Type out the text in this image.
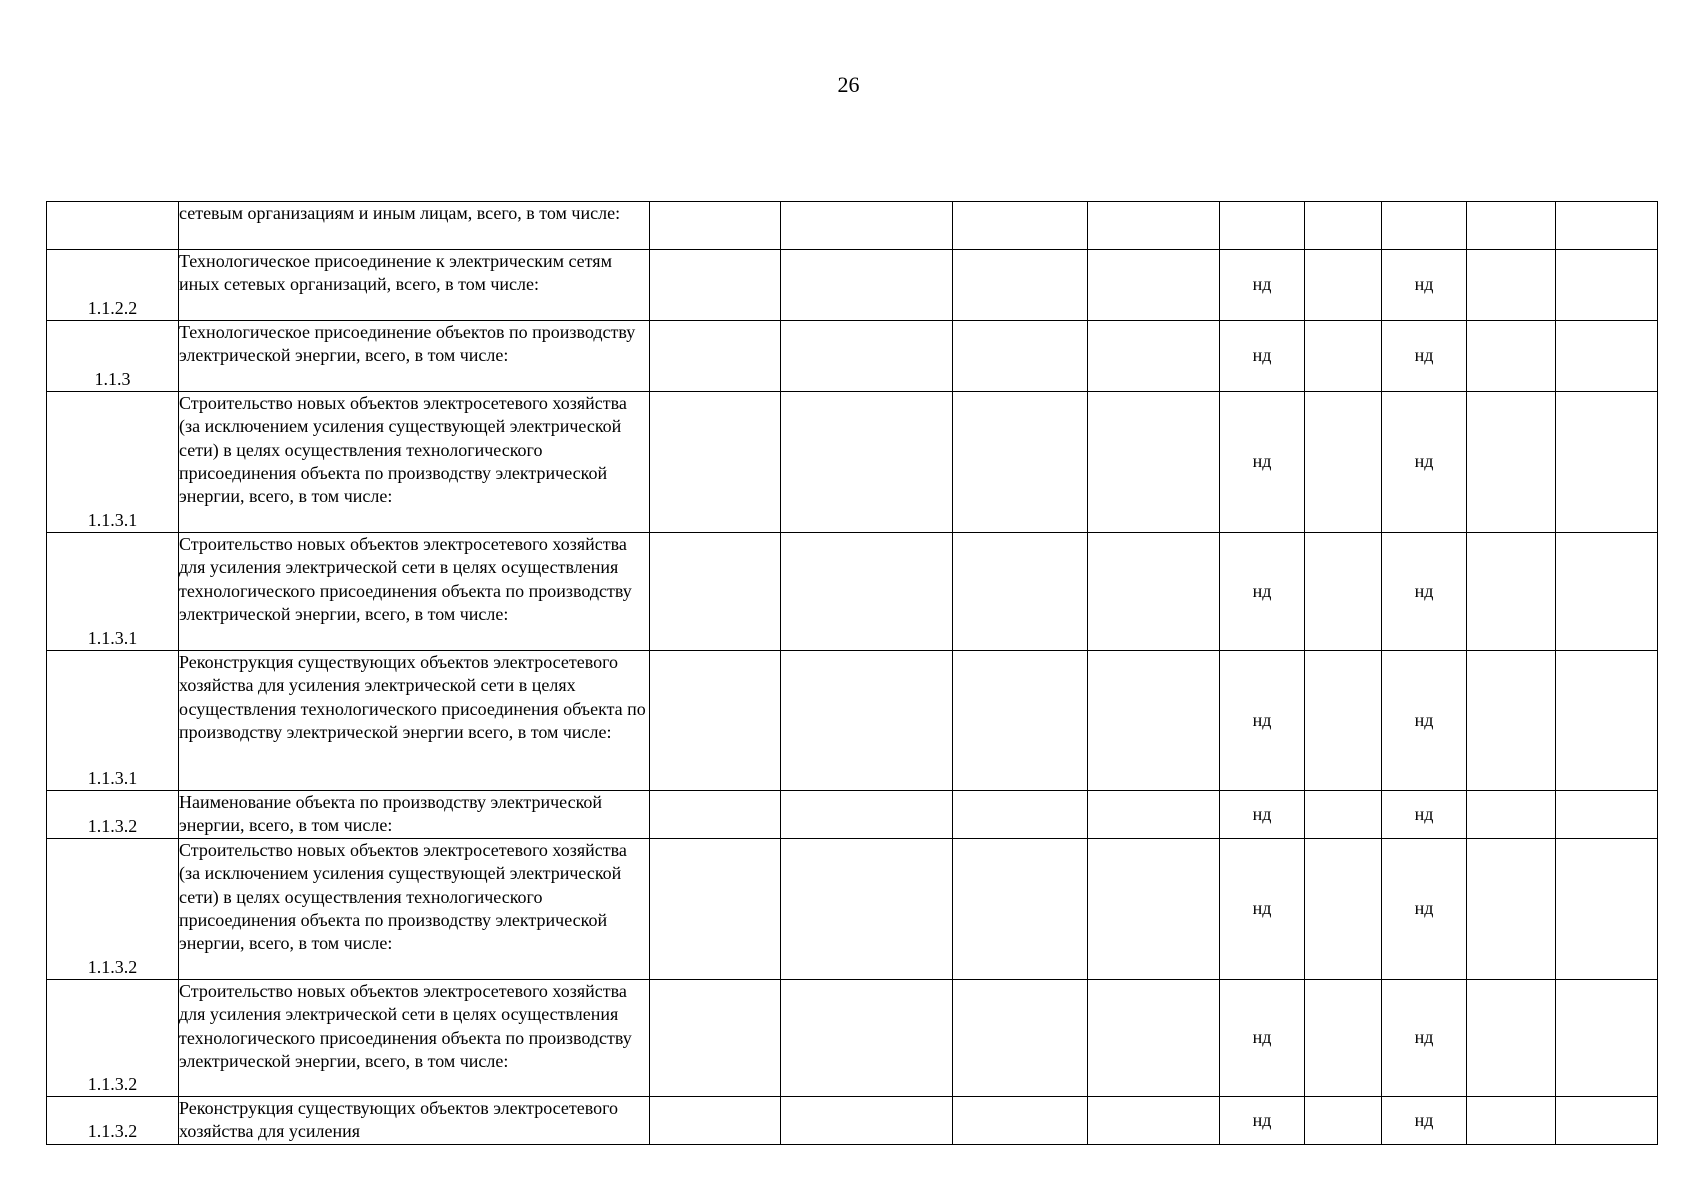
26
	сетевым организациям и иным лицам, всего, в том числе:									
1.1.2.2	Технологическое присоединение к электрическим сетям иных сетевых организаций, всего, в том числе:					нд		нд		
1.1.3	Технологическое присоединение объектов по производству электрической энергии, всего, в том числе:					нд		нд		
1.1.3.1	Строительство новых объектов электросетевого хозяйства (за исключением усиления существующей электрической сети) в целях осуществления технологического присоединения объекта по производству электрической энергии, всего, в том числе:					нд		нд		
1.1.3.1	Строительство новых объектов электросетевого хозяйства для усиления электрической сети в целях осуществления технологического присоединения объекта по производству электрической энергии, всего, в том числе:					нд		нд		
1.1.3.1	Реконструкция существующих объектов электросетевого хозяйства для усиления электрической сети в целях осуществления технологического присоединения объекта по производству электрической энергии всего, в том числе:					нд		нд		
1.1.3.2	Наименование объекта по производству электрической энергии, всего, в том числе:					нд		нд		
1.1.3.2	Строительство новых объектов электросетевого хозяйства (за исключением усиления существующей электрической сети) в целях осуществления технологического присоединения объекта по производству электрической энергии, всего, в том числе:					нд		нд		
1.1.3.2	Строительство новых объектов электросетевого хозяйства для усиления электрической сети в целях осуществления технологического присоединения объекта по производству электрической энергии, всего, в том числе:					нд		нд		
1.1.3.2	Реконструкция существующих объектов электросетевого хозяйства для усиления					нд		нд		
